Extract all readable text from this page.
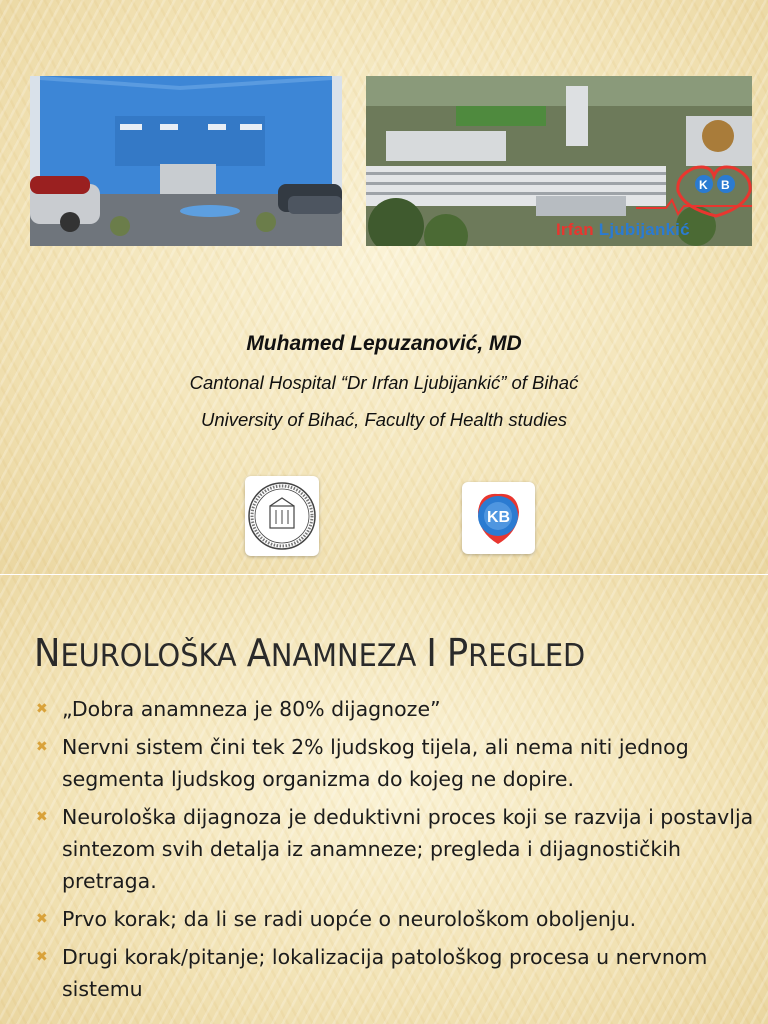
K B
Irfan Ljubijankić
Muhamed Lepuzanović, MD
Cantonal Hospital “Dr Irfan Ljubijankić” of Bihać
University of Bihać, Faculty of Health studies
KB
NEUROLOŠKA ANAMNEZA I PREGLED
✖ „Dobra anamneza je 80% dijagnoze”
✖ Nervni sistem čini tek 2% ljudskog tijela, ali nema niti jednog segmenta ljudskog organizma do kojeg ne dopire.
✖ Neurološka dijagnoza je deduktivni proces koji se razvija i postavlja sintezom svih detalja iz anamneze; pregleda i dijagnostičkih pretraga.
✖ Prvo korak; da li se radi uopće o neurološkom oboljenju.
✖ Drugi korak/pitanje; lokalizacija patološkog procesa u nervnom sistemu
